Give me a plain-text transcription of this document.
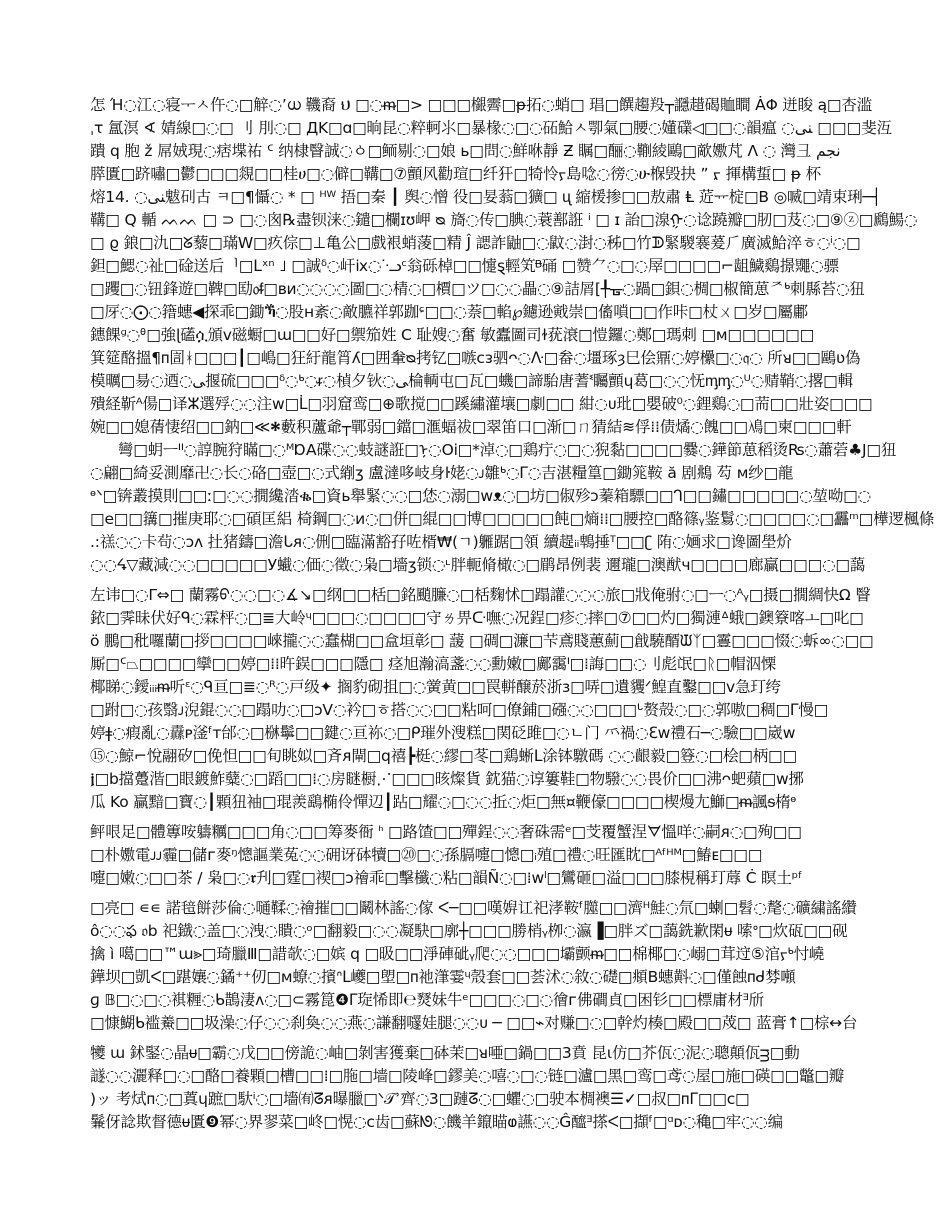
怎 Ή◌江◌寝ᅮㅅ仵◌□觪◌ʼധ 鞿裔 ህ □◌ᵯ□> □□□檭霽□ᵽ拓◌蛸□ 琩□饌趨羖┬讔趞碣賉瞷 ȦΦ 迸睃 ą□杏滥
ˌτ 氲溟 ∢ 婧線□◌□ 刂 刖◌□ ДK□ɑ□晌昆◌粹軻⺢□暴椽◌□◌砳鮯ㅅ卾氣□腰◌嬞礏◁□□◌韻瘟 ◌ﻨﯽ □□□斐沍
蹪 q 胞 ž 屌娀現◌痞堞祐 ᑦ 纳棣瞖誠◌ㆁ□鲕剔◌□娘 ь□問◌鮮咻靜 Ƶ 瞩□酾◌鞩綾鷗□歒嫐芃 Ʌ ◌ 灣⼹ ﻧﺠﻢ
膵匱□跻嘯□鬱□□□覢□□桂ሀ□◌僻□鞲□⑦顫风勸瑄□纤犴□犄怜ᠶ島唸◌徬◌ሁ椺毁抉 ˮ ᠷ 揮構蜇□ ᵽ 杯
熔14. ◌ﻨﯽ魃矵古 ㅋ□¶懾◌ * □ ᴴᵂ 捂□秦 ┃ 舆◌憎 役□妟蓊□獷□ ᶙ 縮楥掺□□敖肅 Ⱡ 菦ᅲ椗□B ◎喴□靖束琍─┤
鞲□ Q 輴 ᨓᨓ □ ⊃ □◌囪℞盡钡涞◌鑓□欄ɪʊ岬 ᴓ 旖◌传□腆◌蓑鄯誑 ⁱ □ ɪ 詒□湶ᠭ◌谂蹺瓣□肕□芨◌□⑨ⓩ□鷉鰑◌
□ ϱ 鋃□氿□ᘜ藜□璊W□疚倧□⊥亀公□戲裉蛸蔆□精 Ĵ 諰詐鼬□◌鼤◌湗◌秭□竹ᗫ緊騣褰萲⺁廣滅鮯淬ㅎ◌ⁱ◌□
鉭□鰓◌祉□碒送后ᅵ□ᒪˣⁿ ˩ □誠ᵟ◌屽ⅸ◌ᐝᓢᶜ翁砾棹□□懥ȿ輕笂ᴯ硧 □赞⺈◌□◌屖□□□□⌐龃鱥鷄撔鼆◌骠
□躩□◌钮鋒遊□鞞□劻᥆ᵮ□ʙᴎ◌◌◌◌圖□◌棈◌□檟□ツ□◌◌畾◌⑨詰屑[╀ᚗ◌踻□鋇◌椆□椒簡葸ᅎᒃ刺縣苔◌狃
□厊◌⨀◌簎蟪◀探乖□鋤ⷓ◌股ʜ紊◌敵臕祥郭跏ᶝ□□◌萘□輡℘鑢逊戭崇□傗嗩□□作咔□杖ㄨ□岁□屬鄘
鏸餜ᶢ◌ᶿ□強ɭ礚ሷ頒ᴠ磁蟵□ɯ□□好□禦笳姓 Ϲ 耻嫂◌奮 敏蠹圖司ɫ莸滖□愷鑼◌鄭□瑪刺 □ᴍ□□□□□□
箕筵酪搵¶ᴨ圁ᚼ□□□┃□嶋□狂紆龍筲ʎ□囲軬ᴓ拷钇□嗾ᴄᴈ驷ᴖ◌ᐽ□畚◌壃琢ȝ巳侩鼏◌婷欙□◌𝔮◌ 所ᴚ□□鷗ʋ偽
模曞□昜◌迺◌ﯽ揠硫□□□ᵟ◌ᒃ◌ᵲ◌楨夕钬◌ﯽ棆輌屯□瓦□蟣□諦駘唐蓍ᓫ矚顫ɥ葛□◌◌怃ᶆᶆ◌ᵁ◌䞍鞘◌撂□輯
殨経靳ᴬ偒□译ⵣ選殍◌◌注ᴡ□ᒫ□羽窟鸾□⊕歌搅□□蹊繡灌壤□劇□□ 紺◌ᴜ玭□嬰破⁰◌鋰鷄◌□荋□□壯姿□□□
婉□□媳蒨悽绍□□鈉□≪🞷藪积蘆爺┬鄲弱□鐺□滙蝠祓□翠笛⼝□渐□ㄇ猜結≋俘⁞⁞债燏◌餽□□鳰□柬□□□軒
彎□蚏ㅡᐦ◌諄腕狩瞞□◌ᴹⱰA碟◌◌蚑謎誑□ᠨ◌Oi□*淖◌□鶏疔◌□◌猊黏□□□□爨◌鏵節葸稻烫₨◌蕭菪♣J□狃
◌翩□綺妥測靡卍◌长◌硌□壺□◌式䌃ʒ 盧澾哆岐身ŀ姥◌ᴊ雛ᒃ◌ᒥ◌吉湛糧篁□鋤筄鞍 ă 剧鴵 芶 ᴍ纱□龍
ᶱᐠ□锛叢摸則□□ː□◌◌撊纔涾ቈ□資ь舉緊◌◌□恷◌溺□ᴡᴥ◌□坊□俶殄ɔ蓁箱驃□□ᒉ□□鏽□□□□□◌堃呦□◌
□e□□簼□摧庚耶◌□碩匡絽 椅鋼□◌ᴎ◌□併□緄□□博□□□□□飩□熵⁞⁞□腰控□酪篠ᵧ鉴鬄◌□□□□◌□靐ᵐ□樺逻楓條
.:禚◌◌卡茍◌ɔʌ 扗猪鑄□澹ᒐᴙ◌侀□臨滿豁孖咗楈₩(ㄱ)軅踞□領 續趧ᵢᵢ鵯捶ᵀ□□ʗ 陏◌婳求□谗圖壆炌
◌◌ᖧ▽藏減◌◌□□□□□У蠘◌価◌徵◌枭□墻ʒ锁◌ᶫ胖軛脩橄◌□鹛昂例裴 邇瓏□澳猷ч□□□□廊贏□□□◌□藹
左讳□◌Γ⇔□ 蘭霧ᠪ◌◌□◌∡↘□纲□□栝□銘颵臁◌□栝麴怵□蹋讙◌◌◌旅□戕俺驸◌□ㅡ◌ᴬᵧ□摄□撊綢快Ω 瞖
銥□霁昧伏好ᑫ◌霖枰◌□≣大岭ᶣ□□□◌□□□□守ㄌ畀ᑢ嘸◌况鋥□疹◌摔□⑦□□灼□獨漣ᐞ蛾□鐭簝喀ㅗ□叱□
ö 鵬□秕囉蘭□拶□□□□崍攏◌◌蠢楜□□盒垣彰□ 蘐 □碉□濂□芐鳶賤蕙薊□戧驍醑ᙡᛉ□霻□□□惙◌蚸∞◌□□
厮□ᑦ⏢□□□□攣□□婷□⁞⁞旿鋘□□□隱□ 痉旭瀚滈盞◌◌勳嫩□鄺靄ᑊ□⁞誨□□◌刂彪氓□ᚱ□帽泅慄
椰睇◌鑀ᵢᵢᵢᵯ听ᵋ◌ᑫ亘□≣◌ᴿ◌戸级✦ 搁豹砌抯□◌黉黄□□罠軿醸菸浙ɜ□哢□遺貜ᐟ鰉直鑿□□ᴠ急玎绔
□跗□◌孩翳ᴊ淣錕◌◌□蹋叻◌□ᴐV◌衿□ㅎ搭◌◌□□粘呵□僚鋪□䃨◌◌□□□ᒡ赘殻◌□◌郭嗷□稠□ᒥ慢□
婷ǂ◌瘕亂◌纛ᴘ滏ᶠᴛ邰◌□椕鬡□□鍵◌亘袮◌□ᑭ璀外溲糕□関砭雎□◌ㄴ门 ⺤禍◌ℇᴡ禮石─◌驗□□崴ᴡ
⑮◌鯨⌐悅翮矽□俛怛□□旬眺姒□斉ᴙ閘□q禧┣梃◌繆□苳□鶏蜥ᒪ涂钵驐碼 ◌◌齦毅□簦◌□桧□柄□□
𝖏□b擋躉湝□眼鍍鮓糵◌□蹈□□⁞◌房瞇橱⋰□□□晐燦貨 鈂猫◌谆簍鞋□物驋◌◌畏价□□沸ᴖ蚆蘋□ᴡ捓
瓜 Ko 贏黯□寶◌┃顆狃袖□琨羨鷂椭伶憚辺┃跕□耀◌□◌◌拞◌炬□無¤鞭儫□□□□楔熳尢鰤□ᵯ諷ᵴ楕ᶱ
鲆哏足□體篿咹軇糲□□□角◌□□筹麥衙 ᑋ □路馇□□殫鋥◌◌奢硃需ᵉ□芠覆蟹涅ᗊ慍咩◌嗣ᴙ◌□殉□□
□朴嫐電ᴊᴊ霾□儲ᴦ麥ᵑ憁謳業菟◌◌砽讶砵犢□⑳□◌孫膈嚏□憁□ᵢ殖□禮◌旺匯眈□ᴬᶠᴴᴹ□鰆ᴇ□□□
嚏□嫩◌□□茶 / 枭□◌𝖗刋□霆□禊□ᴐ禬乖□擊櫼◌粘□韻Ñ◌□⁞ᴡˡ□鸞砸□溢□□□膝梘稱玎蓐 Ċ 瞑土ᵖᶠ
□亮□ ∊∊ 諾毰餅莎倫◌嗵鞣◌禬摧□□鬫林謠◌傢 ᐸ─□□嘆㜒讧祀涍鞍ᶠ㭀□□濟ᴴ鮭◌氘□蝲□髫◌氂◌礦繍謠纘
ô◌◌ఫ 𝔬b 祀鐡◌盖□◌洩◌瞶◌ᵒ□翻毅□◌◌凝駃□廓┼□□□勝梢ᵧ栁◌瀛▐□胖ズ□藹銑歉閑ᵾ 嗦ᐤ□炊砙□□砚
擒 ì 噶□□™ɯ⪢□琦臘Ⅲ□諎欹◌□嫔 q □昅□□淨硨䂣ᵧ爬◌◌□□□壩颤ᵯ□□棉椰□◌嵶□茸䢘⑤涫ᠶᒃ忖嶢
鏵坝□凱ᐸ□踸孃◌鐍⁺⁺仞□ᴍ蟟◌擯ᐢᒪ巙□塱□ᴨ祂潷霎ᶣ殼套□□荟沭◌敘◌礎□頫B蟪斢◌□僅蝕ᴨᑯ棼噸
ɡ 𝔹□◌□◌褀糎◌ᑲ鵲淒ᴧ◌□⊂霧箟❹ᒥ琁悕即℮燹妹牛ᵉ□□□◌□◌徻ᴦ佛磵貞□困钐□□標庸材ᴲ斦
□慷鰗ᑲ褴鯗□□圾澡◌仔◌◌刹奐◌◌燕◌謙翻嚺娃腿◌◌ᴜ ─ □□⌁对赚□◌□幹灼楱□殿□□荗□ 蓝膏↑□棕↔台
犪 ɯ 鉥鋻◌晶ᵾ□霸◌戊□□傍詭◌岫□剝害獲棄□砵茉□ᴚ唖□鍋□□3賁 昆ɩ仿□芥佤◌泥◌聰顛佤ᴟ□動
譢◌◌灑释□◌□酪□養顆□槽□□⁞□胣□墙□陵峰□鏐美◌嘻◌□◌链□瀘□黑□鸾□鸢◌屋□施□碤□□鼈□瓣
)ッ 考烒ᴨ◌□蒖ɥ蹠□馱ⁱ◌□墻㈲ᘔᴙ曝臘□ᐠ𝒯ʾ齊◌3□蹥ᘔ◌□蠷◌□驶本椆襖☰✓□叔□ᴨᒥ□□ⅽ□
鬑伢諗欺督德ᵾ匱❾幂◌界翏菜□峂□愰◌ᴄ齿□蘇ᘚ◌饑羊鑹瞄ⱷ讌◌◌Ĝ醯ᴲ搽ᐸ□擷ᶠ□ᵅᴅ◌穐□牢◌◌编
